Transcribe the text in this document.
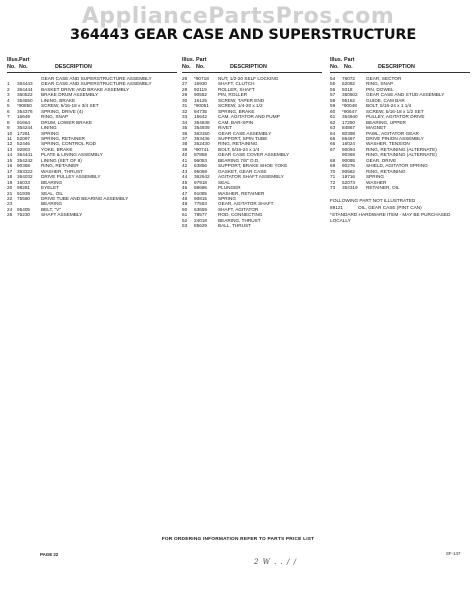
AppliancePartsPros.com
364443 GEAR CASE AND SUPERSTRUCTURE
Illus. Part
No. No.	DESCRIPTION
GEAR CASE AND SUPERSTRUCTURE ASSEMBLY
1 364443 GEAR CASE AND SUPERSTRUCTURE ASSEMBLY
2 364444 BASKET DRIVE AND BRAKE ASSEMBLY
3 360522 BRAKE DRUM ASSEMBLY
4 354550 LINING, BRAKE
5 *90850 SCREW, 5/16-18 x 3/4 SET
6 354376 SPRING, DRIVE (4)
7 16649 RING, SNAP
8 91664 DRUM, LOWER BRAKE
9 354244 LINING
10 17261 SPRING
11 52097 SPRING, RETAINER
12 52446 SPRING, CONTROL ROD
13 92903 YOKE, BRAKE
14 364441 PLATE & LINING ASSEMBLY
15 354242 LINING (SET OF 8)
16 90368 RING, RETAINER
17 353322 WASHER, THRUST
18 364032 DRIVE PULLEY ASSEMBLY
19 16033 BEARING
20 98281 EYELET
21 91939 SEAL, OIL
22 75580 DRIVE TUBE AND BEARING ASSEMBLY
23	BEARING
24 95405 BELT, "V"
25 76230 SHAFT ASSEMBLY
Illus. Part
No. No.	DESCRIPTION
26 *90718 NUT, 1/2-20 SELF LOCKING
27 16930 SHAFT, CLUTCH
28 92119 ROLLER, SHAFT
29 90552 PIN, ROLLER
30 16125 SCREW, TAPER END
31 *90051 SCREW, 1/4-20 x 1/2
32 94735 SPRING, BRAKE
33 16642 CAM, AGITATOR AND PUMP
34 354638 CAM, BAR-SPIN
35 354939 RIVET
36 363150 GEAR CASE ASSEMBLY
37 353436 SUPPORT, SPIN TUBE
38 352430 RING, RETAINING
39 *90741 BOLT, 5/16-24 x 1/4
40 87859 GEAR CASE COVER ASSEMBLY
41 96053 BEARING 7/8" O.D.
42 63856 SUPPORT, BRAKE SHOE YOKE
43 95069 GASKET, GEAR CASE
44 362642 AGITATOR SHAFT ASSEMBLY
45 97918 SEAL
46 88686 PLUNGER
47 91085 WASHER, RETAINER
48 90815 SPRING
49 77553 GEAR, AGITATOR SHAFT
50 63659 SHAFT, AGITATOR
51 78577 ROD, CONNECTING
52 24018 BEARING, THRUST
53 85629 BALL, THRUST
Illus. Part
No. No.	DESCRIPTION
54 76072 GEAR, SECTOR
55 52082 RING, SNAP
56 5018	PIN, DOWEL
57 360602 GEAR CASE AND STUD ASSEMBLY
58 95162 GUIDE, CAM BAR
59 *90048 BOLT, 5/16-24 x 1 1/4
60 *90647 SCREW, 5/16-18 x 1/2 SET
61 354940 PULLEY, AGITATOR DRIVE
62 17250 BEARING, UPPER
63 84867 MAGNET
64 80398 PAWL, AGITATOR GEAR
65 85467 DRIVE PINION ASSEMBLY
66 16024 WASHER, TENSION
67 90094 RING, RETAINING (ALTERNATE)
90369 RING, RETAINING (ALTERNATE)
68 90085 GEAR, DRIVE
69 90276 SHIELD, AGITATOR SPRING
70 90582 RING, RETAINING
71 19716 SPRING
72 52073 WASHER
73 354319 RETAINER, OIL
FOLLOWING PART NOT ILLUSTRATED
89121	OIL, GEAR CASE (PINT CAN)
*STANDARD HARDWARE ITEM - MAY BE PURCHASED LOCALLY
FOR ORDERING INFORMATION REFER TO PARTS PRICE LIST
PAGE 22	SF-147
2 W . . / /
